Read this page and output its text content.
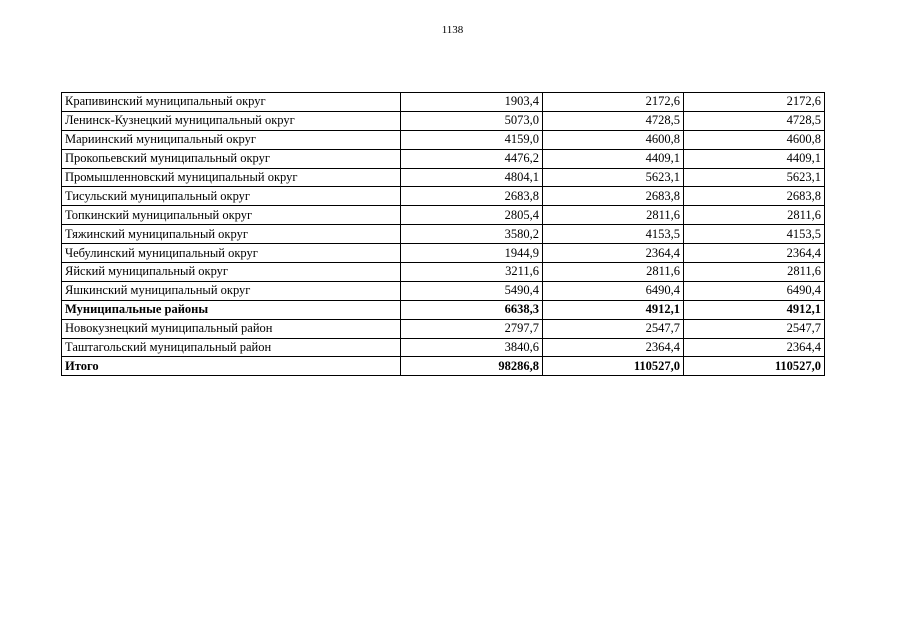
1138
Крапивинский муниципальный округ	1903,4	2172,6	2172,6
Ленинск-Кузнецкий муниципальный округ	5073,0	4728,5	4728,5
Мариинский муниципальный округ	4159,0	4600,8	4600,8
Прокопьевский муниципальный округ	4476,2	4409,1	4409,1
Промышленновский муниципальный округ	4804,1	5623,1	5623,1
Тисульский муниципальный округ	2683,8	2683,8	2683,8
Топкинский муниципальный округ	2805,4	2811,6	2811,6
Тяжинский муниципальный округ	3580,2	4153,5	4153,5
Чебулинский муниципальный округ	1944,9	2364,4	2364,4
Яйский муниципальный округ	3211,6	2811,6	2811,6
Яшкинский муниципальный округ	5490,4	6490,4	6490,4
Муниципальные районы	6638,3	4912,1	4912,1
Новокузнецкий муниципальный район	2797,7	2547,7	2547,7
Таштагольский муниципальный район	3840,6	2364,4	2364,4
Итого	98286,8	110527,0	110527,0
